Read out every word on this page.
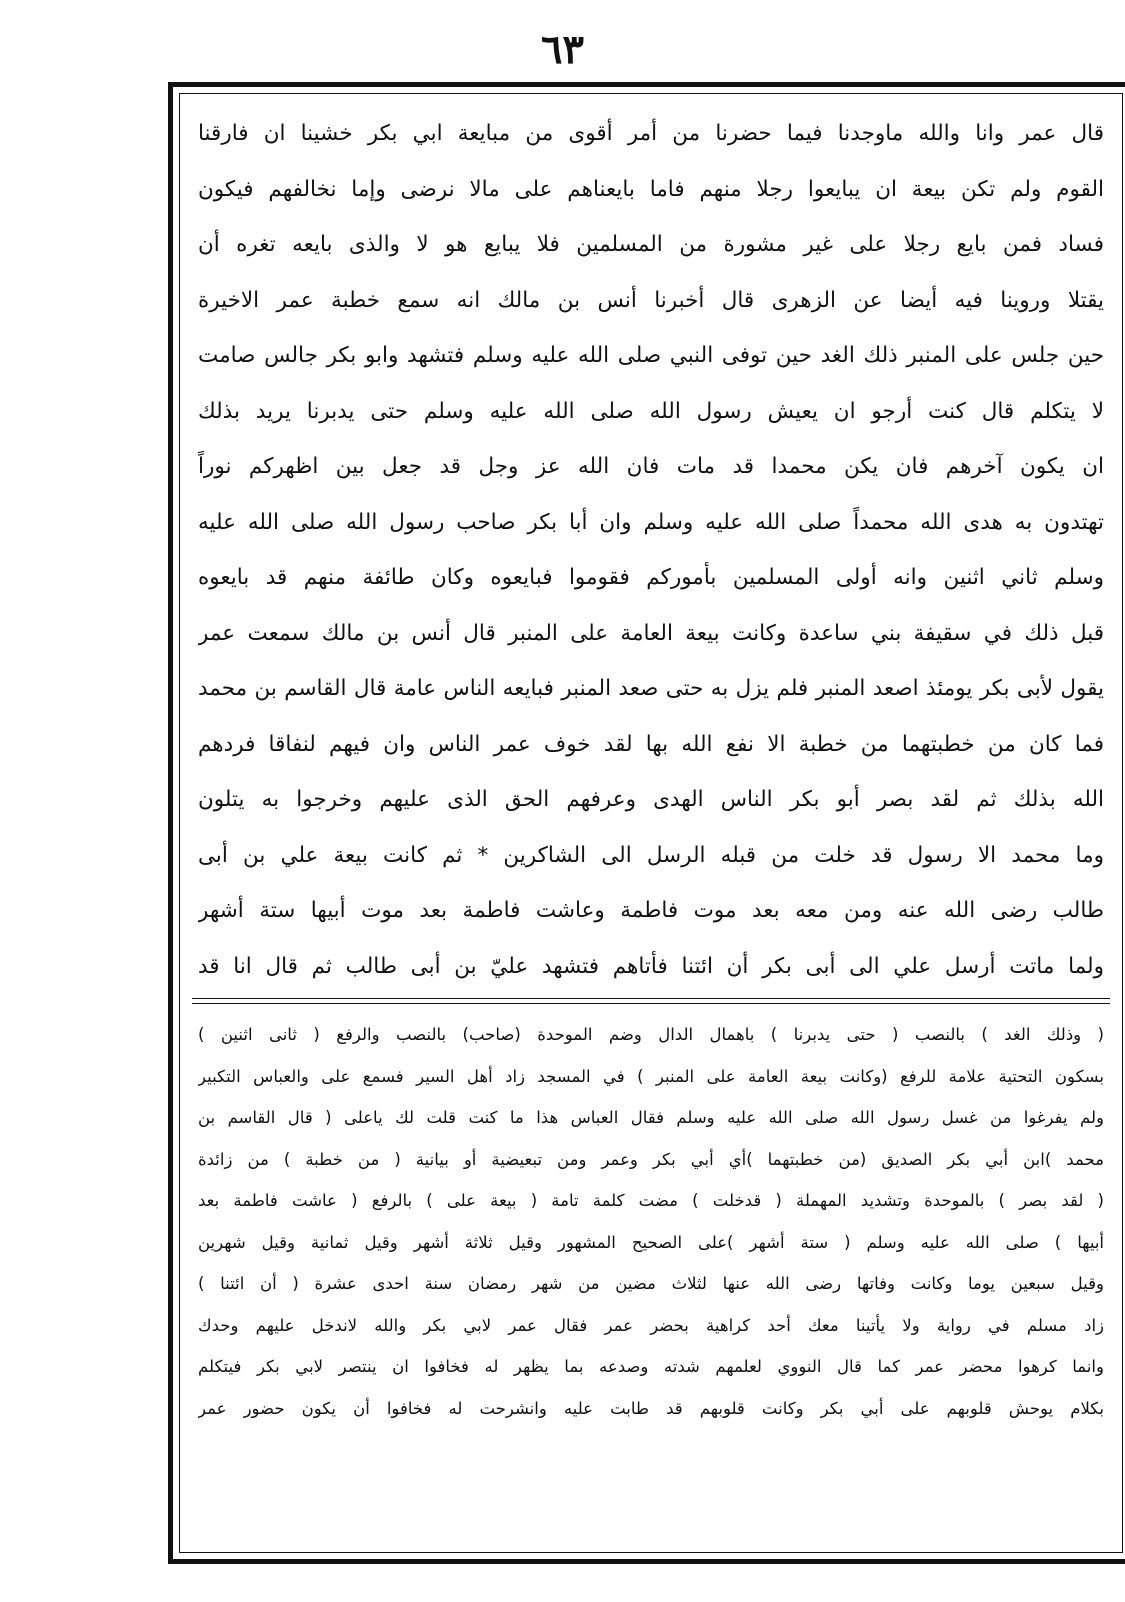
٦٣
قال عمر وانا والله ماوجدنا فيما حضرنا من أمر أقوى من مبايعة ابي بكر خشينا ان فارقنا
القوم ولم تكن بيعة ان يبايعوا رجلا منهم فاما بايعناهم على مالا نرضى وإما نخالفهم فيكون
فساد فمن بايع رجلا على غير مشورة من المسلمين فلا يبايع هو لا والذى بايعه تغره أن
يقتلا وروينا فيه أيضا عن الزهرى قال أخبرنا أنس بن مالك انه سمع خطبة عمر الاخيرة
حين جلس على المنبر ذلك الغد حين توفى النبي صلى الله عليه وسلم فتشهد وابو بكر جالس صامت
لا يتكلم قال كنت أرجو ان يعيش رسول الله صلى الله عليه وسلم حتى يدبرنا يريد بذلك
ان يكون آخرهم فان يكن محمدا قد مات فان الله عز وجل قد جعل بين اظهركم نوراً
تهتدون به هدى الله محمداً صلى الله عليه وسلم وان أبا بكر صاحب رسول الله صلى الله عليه
وسلم ثاني اثنين وانه أولى المسلمين بأموركم فقوموا فبايعوه وكان طائفة منهم قد بايعوه
قبل ذلك في سقيفة بني ساعدة وكانت بيعة العامة على المنبر قال أنس بن مالك سمعت عمر
يقول لأبى بكر يومئذ اصعد المنبر فلم يزل به حتى صعد المنبر فبايعه الناس عامة قال القاسم بن محمد
فما كان من خطبتهما من خطبة الا نفع الله بها لقد خوف عمر الناس وان فيهم لنفاقا فردهم
الله بذلك ثم لقد بصر أبو بكر الناس الهدى وعرفهم الحق الذى عليهم وخرجوا به يتلون
وما محمد الا رسول قد خلت من قبله الرسل الى الشاكرين * ثم كانت بيعة علي بن أبى
طالب رضى الله عنه ومن معه بعد موت فاطمة وعاشت فاطمة بعد موت أبيها ستة أشهر
ولما ماتت أرسل علي الى أبى بكر أن ائتنا فأتاهم فتشهد عليّ بن أبى طالب ثم قال انا قد
( وذلك الغد ) بالنصب ( حتى يدبرنا ) باهمال الدال وضم الموحدة (صاحب) بالنصب والرفع ( ثانى اثنين )
بسكون التحتية علامة للرفع (وكانت بيعة العامة على المنبر ) في المسجد زاد أهل السير فسمع على والعباس التكبير
ولم يفرغوا من غسل رسول الله صلى الله عليه وسلم فقال العباس هذا ما كنت قلت لك ياعلى ( قال القاسم بن
محمد )ابن أبي بكر الصديق (من خطبتهما )أي أبي بكر وعمر ومن تبعيضية أو بيانية ( من خطبة ) من زائدة
( لقد بصر ) بالموحدة وتشديد المهملة ( قدخلت ) مضت كلمة تامة ( بيعة على ) بالرفع ( عاشت فاطمة بعد
أبيها ) صلى الله عليه وسلم ( ستة أشهر )على الصحيح المشهور وقيل ثلاثة أشهر وقيل ثمانية وقيل شهرين
وقيل سبعين يوما وكانت وفاتها رضى الله عنها لثلاث مضين من شهر رمضان سنة احدى عشرة ( أن ائتنا )
زاد مسلم في رواية ولا يأتينا معك أحد كراهية بحضر عمر فقال عمر لابي بكر والله لاندخل عليهم وحدك
وانما كرهوا محضر عمر كما قال النووي لعلمهم شدته وصدعه بما يظهر له فخافوا ان ينتصر لابي بكر فيتكلم
بكلام يوحش قلوبهم على أبي بكر وكانت قلوبهم قد طابت عليه وانشرحت له فخافوا أن يكون حضور عمر
